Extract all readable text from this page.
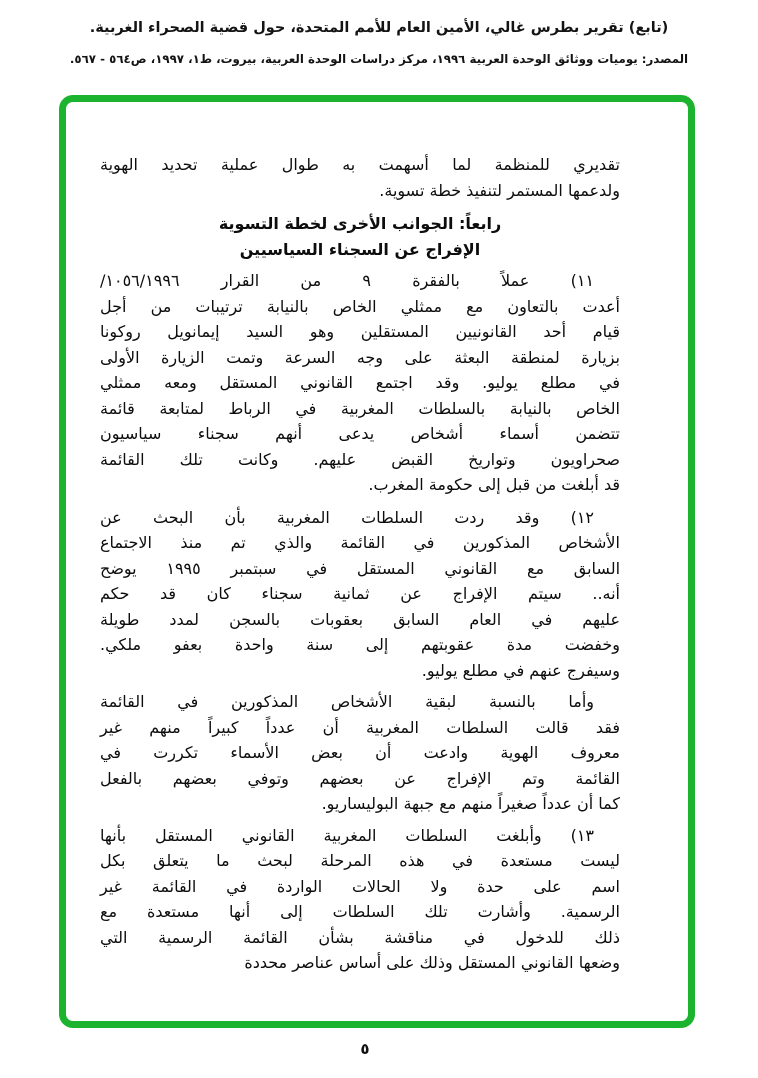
(تابع) تقرير بطرس غالي، الأمين العام للأمم المتحدة، حول قضية الصحراء الغربية.
المصدر: يوميات ووثائق الوحدة العربية ١٩٩٦، مركز دراسات الوحدة العربية، بيروت، ط١، ١٩٩٧، ص٥٦٤ - ٥٦٧.
تقديري للمنظمة لما أسهمت به طوال عملية تحديد الهوية
ولدعمها المستمر لتنفيذ خطة تسوية.
رابعاً: الجوانب الأخرى لخطة التسوية
الإفراج عن السجناء السياسيين
١١) عملاً بالفقرة ٩ من القرار ١٠٥٦/١٩٩٦/
أعدت بالتعاون مع ممثلي الخاص بالنيابة ترتيبات من أجل
قيام أحد القانونيين المستقلين وهو السيد إيمانويل روكونا
بزيارة لمنطقة البعثة على وجه السرعة وتمت الزيارة الأولى
في مطلع يوليو. وقد اجتمع القانوني المستقل ومعه ممثلي
الخاص بالنيابة بالسلطات المغربية في الرباط لمتابعة قائمة
تتضمن أسماء أشخاص يدعى أنهم سجناء سياسيون
صحراويون وتواريخ القبض عليهم. وكانت تلك القائمة
قد أبلغت من قبل إلى حكومة المغرب.
١٢) وقد ردت السلطات المغربية بأن البحث عن
الأشخاص المذكورين في القائمة والذي تم منذ الاجتماع
السابق مع القانوني المستقل في سبتمبر ١٩٩٥ يوضح
أنه.. سيتم الإفراج عن ثمانية سجناء كان قد حكم
عليهم في العام السابق بعقوبات بالسجن لمدد طويلة
وخفضت مدة عقوبتهم إلى سنة واحدة بعفو ملكي.
وسيفرج عنهم في مطلع يوليو.
وأما بالنسبة لبقية الأشخاص المذكورين في القائمة
فقد قالت السلطات المغربية أن عدداً كبيراً منهم غير
معروف الهوية وادعت أن بعض الأسماء تكررت في
القائمة وتم الإفراج عن بعضهم وتوفي بعضهم بالفعل
كما أن عدداً صغيراً منهم مع جبهة البوليساريو.
١٣) وأبلغت السلطات المغربية القانوني المستقل بأنها
ليست مستعدة في هذه المرحلة لبحث ما يتعلق بكل
اسم على حدة ولا الحالات الواردة في القائمة غير
الرسمية. وأشارت تلك السلطات إلى أنها مستعدة مع
ذلك للدخول في مناقشة بشأن القائمة الرسمية التي
وضعها القانوني المستقل وذلك على أساس عناصر محددة
٥
